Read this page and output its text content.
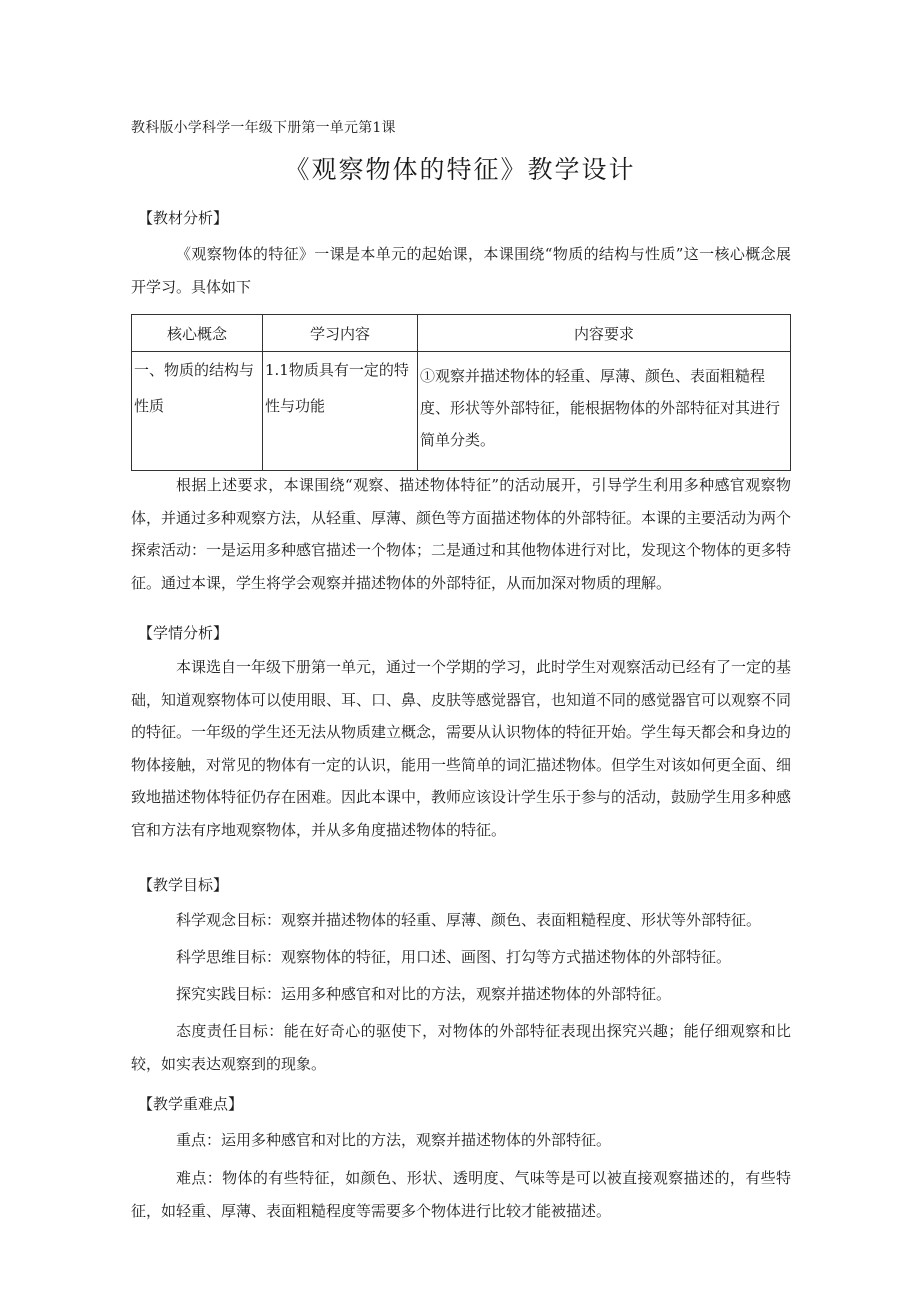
教科版小学科学一年级下册第一单元第1课
《观察物体的特征》教学设计
【教材分析】

《观察物体的特征》一课是本单元的起始课，本课围绕“物质的结构与性质”这一核心概念展开学习。具体如下

核心概念	学习内容	内容要求
一、物质的结构与性质	1.1物质具有一定的特性与功能	①观察并描述物体的轻重、厚薄、颜色、表面粗糙程度、形状等外部特征，能根据物体的外部特征对其进行简单分类。

根据上述要求，本课围绕“观察、描述物体特征”的活动展开，引导学生利用多种感官观察物体，并通过多种观察方法，从轻重、厚薄、颜色等方面描述物体的外部特征。本课的主要活动为两个探索活动：一是运用多种感官描述一个物体；二是通过和其他物体进行对比，发现这个物体的更多特征。通过本课，学生将学会观察并描述物体的外部特征，从而加深对物质的理解。

【学情分析】

本课选自一年级下册第一单元，通过一个学期的学习，此时学生对观察活动已经有了一定的基础，知道观察物体可以使用眼、耳、口、鼻、皮肤等感觉器官，也知道不同的感觉器官可以观察不同的特征。一年级的学生还无法从物质建立概念，需要从认识物体的特征开始。学生每天都会和身边的物体接触，对常见的物体有一定的认识，能用一些简单的词汇描述物体。但学生对该如何更全面、细致地描述物体特征仍存在困难。因此本课中，教师应该设计学生乐于参与的活动，鼓励学生用多种感官和方法有序地观察物体，并从多角度描述物体的特征。

【教学目标】

科学观念目标：观察并描述物体的轻重、厚薄、颜色、表面粗糙程度、形状等外部特征。

科学思维目标：观察物体的特征，用口述、画图、打勾等方式描述物体的外部特征。

探究实践目标：运用多种感官和对比的方法，观察并描述物体的外部特征。

态度责任目标：能在好奇心的驱使下，对物体的外部特征表现出探究兴趣；能仔细观察和比较，如实表达观察到的现象。

【教学重难点】

重点：运用多种感官和对比的方法，观察并描述物体的外部特征。

难点：物体的有些特征，如颜色、形状、透明度、气味等是可以被直接观察描述的，有些特征，如轻重、厚薄、表面粗糙程度等需要多个物体进行比较才能被描述。
